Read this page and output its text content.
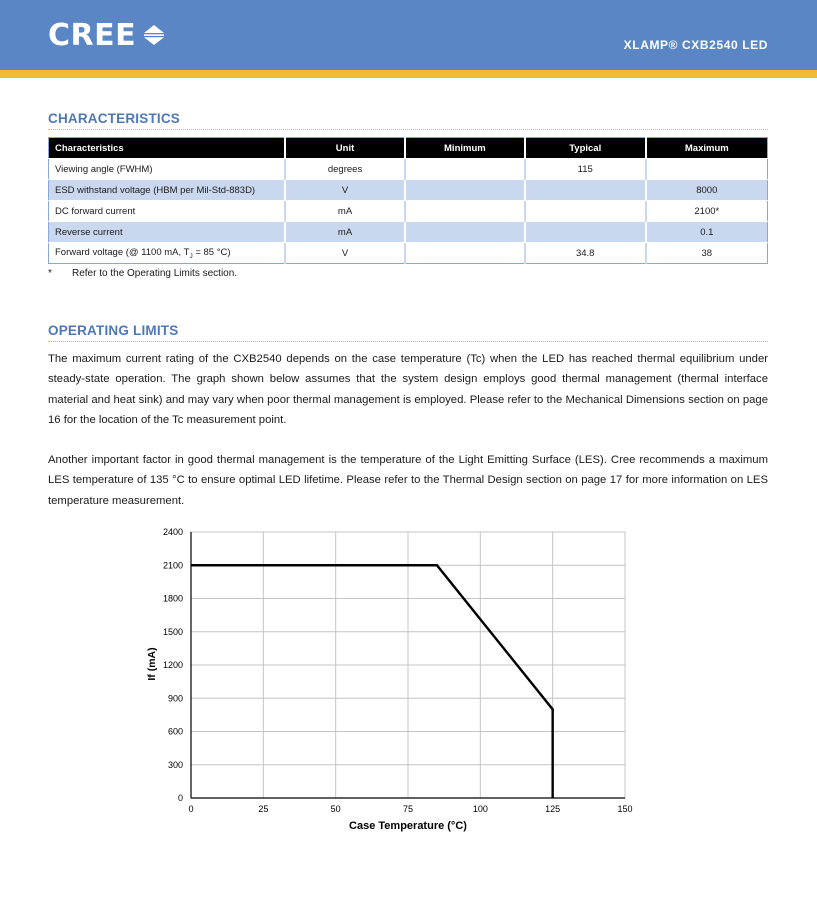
CREE	XLAMP® CXB2540 LED
CHARACTERISTICS
Characteristics	Unit	Minimum	Typical	Maximum
Viewing angle (FWHM)	degrees		115	
ESD withstand voltage (HBM per Mil-Std-883D)	V			8000
DC forward current	mA			2100*
Reverse current	mA			0.1
Forward voltage (@ 1100 mA, $T_J = 85$ °C)	V		34.8	38
* Refer to the Operating Limits section.
OPERATING LIMITS
The maximum current rating of the CXB2540 depends on the case temperature (Tc) when the LED has reached thermal equilibrium under steady-state operation. The graph shown below assumes that the system design employs good thermal management (thermal interface material and heat sink) and may vary when poor thermal management is employed. Please refer to the Mechanical Dimensions section on page 16 for the location of the Tc measurement point.
Another important factor in good thermal management is the temperature of the Light Emitting Surface (LES). Cree recommends a maximum LES temperature of 135 °C to ensure optimal LED lifetime. Please refer to the Thermal Design section on page 17 for more information on LES temperature measurement.
0	25	50	75	100	125	150
0
300
600
900
1200
1500
1800
2100
2400
Case Temperature (°C)
If (mA)
